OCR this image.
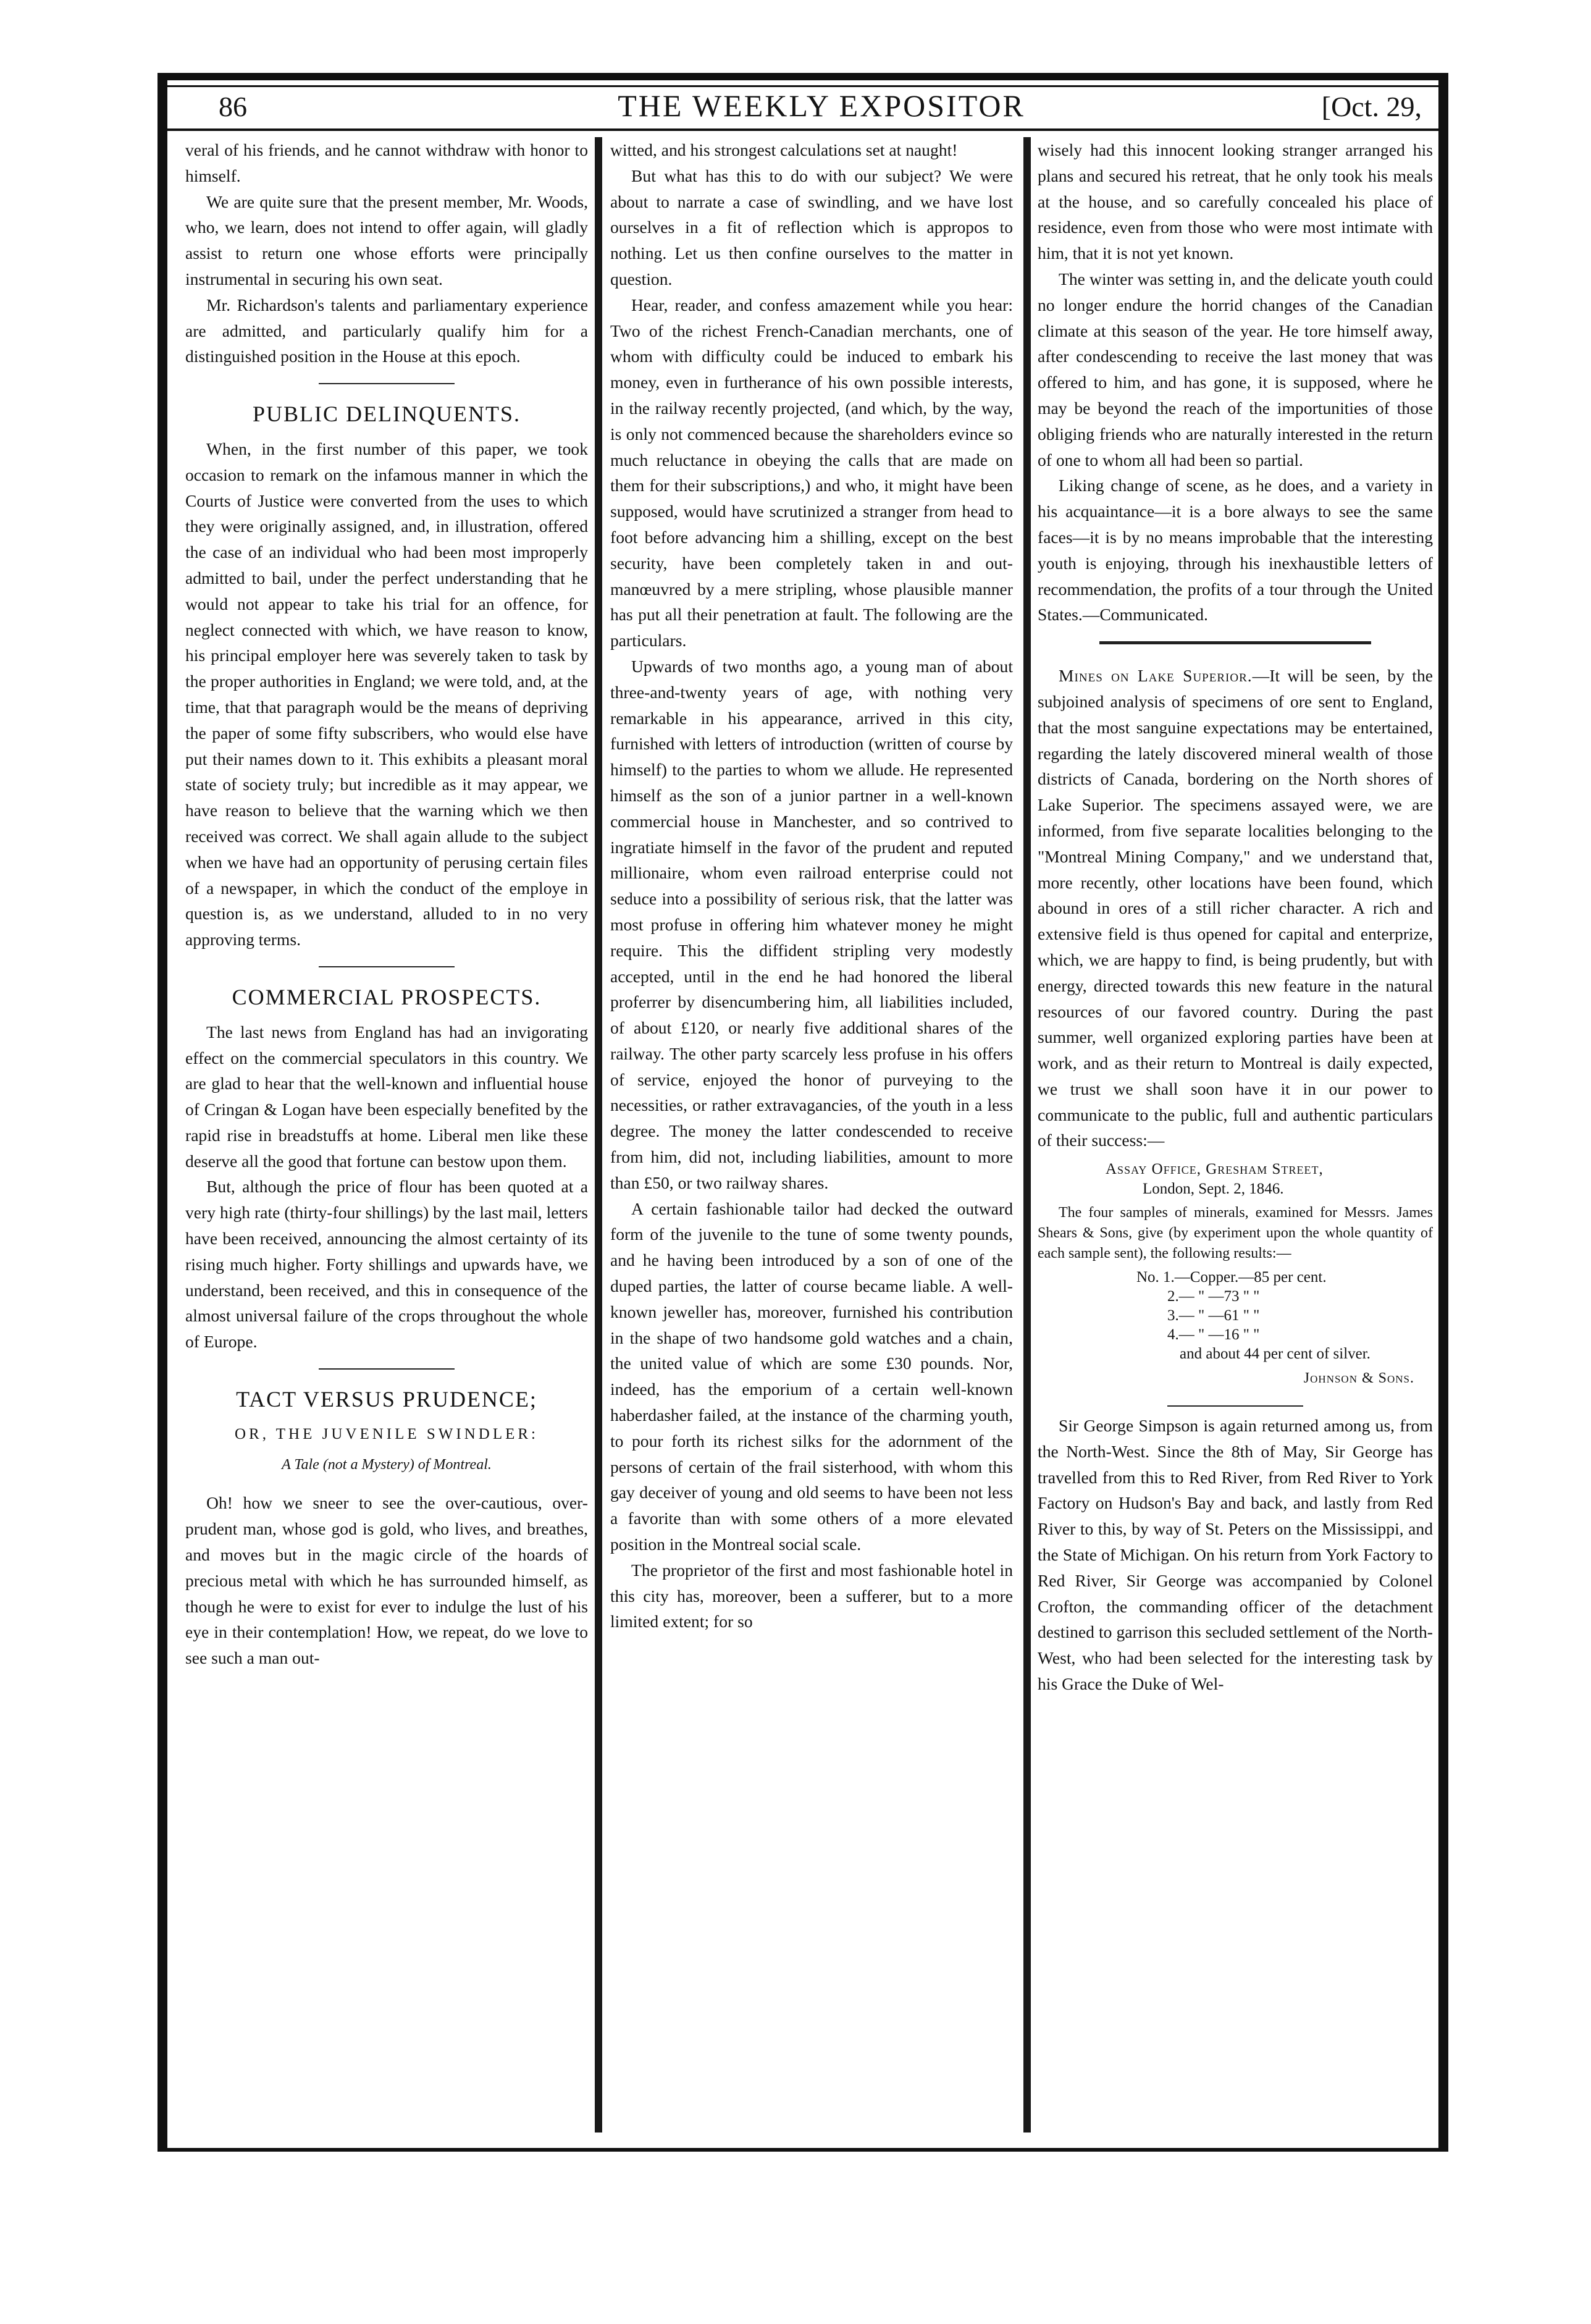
86	THE WEEKLY EXPOSITOR	[Oct. 29,

veral of his friends, and he cannot withdraw with honor to himself.

We are quite sure that the present member, Mr. Woods, who, we learn, does not intend to offer again, will gladly assist to return one whose efforts were principally instrumental in securing his own seat.

Mr. Richardson's talents and parliamentary experience are admitted, and particularly qualify him for a distinguished position in the House at this epoch.

PUBLIC DELINQUENTS.

When, in the first number of this paper, we took occasion to remark on the infamous manner in which the Courts of Justice were converted from the uses to which they were originally assigned, and, in illustration, offered the case of an individual who had been most improperly admitted to bail, under the perfect understanding that he would not appear to take his trial for an offence, for neglect connected with which, we have reason to know, his principal employer here was severely taken to task by the proper authorities in England; we were told, and, at the time, that that paragraph would be the means of depriving the paper of some fifty subscribers, who would else have put their names down to it. This exhibits a pleasant moral state of society truly; but incredible as it may appear, we have reason to believe that the warning which we then received was correct. We shall again allude to the subject when we have had an opportunity of perusing certain files of a newspaper, in which the conduct of the employe in question is, as we understand, alluded to in no very approving terms.

COMMERCIAL PROSPECTS.

The last news from England has had an invigorating effect on the commercial speculators in this country. We are glad to hear that the well-known and influential house of Cringan & Logan have been especially benefited by the rapid rise in breadstuffs at home. Liberal men like these deserve all the good that fortune can bestow upon them.

But, although the price of flour has been quoted at a very high rate (thirty-four shillings) by the last mail, letters have been received, announcing the almost certainty of its rising much higher. Forty shillings and upwards have, we understand, been received, and this in consequence of the almost universal failure of the crops throughout the whole of Europe.

TACT VERSUS PRUDENCE;
OR, THE JUVENILE SWINDLER:
A Tale (not a Mystery) of Montreal.

Oh! how we sneer to see the over-cautious, over-prudent man, whose god is gold, who lives, and breathes, and moves but in the magic circle of the hoards of precious metal with which he has surrounded himself, as though he were to exist for ever to indulge the lust of his eye in their contemplation! How, we repeat, do we love to see such a man out-

witted, and his strongest calculations set at naught!

But what has this to do with our subject? We were about to narrate a case of swindling, and we have lost ourselves in a fit of reflection which is appropos to nothing. Let us then confine ourselves to the matter in question.

Hear, reader, and confess amazement while you hear: Two of the richest French-Canadian merchants, one of whom with difficulty could be induced to embark his money, even in furtherance of his own possible interests, in the railway recently projected, (and which, by the way, is only not commenced because the shareholders evince so much reluctance in obeying the calls that are made on them for their subscriptions,) and who, it might have been supposed, would have scrutinized a stranger from head to foot before advancing him a shilling, except on the best security, have been completely taken in and out-manœuvred by a mere stripling, whose plausible manner has put all their penetration at fault. The following are the particulars.

Upwards of two months ago, a young man of about three-and-twenty years of age, with nothing very remarkable in his appearance, arrived in this city, furnished with letters of introduction (written of course by himself) to the parties to whom we allude. He represented himself as the son of a junior partner in a well-known commercial house in Manchester, and so contrived to ingratiate himself in the favor of the prudent and reputed millionaire, whom even railroad enterprise could not seduce into a possibility of serious risk, that the latter was most profuse in offering him whatever money he might require. This the diffident stripling very modestly accepted, until in the end he had honored the liberal proferrer by disencumbering him, all liabilities included, of about £120, or nearly five additional shares of the railway. The other party scarcely less profuse in his offers of service, enjoyed the honor of purveying to the necessities, or rather extravagancies, of the youth in a less degree. The money the latter condescended to receive from him, did not, including liabilities, amount to more than £50, or two railway shares.

A certain fashionable tailor had decked the outward form of the juvenile to the tune of some twenty pounds, and he having been introduced by a son of one of the duped parties, the latter of course became liable. A well-known jeweller has, moreover, furnished his contribution in the shape of two handsome gold watches and a chain, the united value of which are some £30 pounds. Nor, indeed, has the emporium of a certain well-known haberdasher failed, at the instance of the charming youth, to pour forth its richest silks for the adornment of the persons of certain of the frail sisterhood, with whom this gay deceiver of young and old seems to have been not less a favorite than with some others of a more elevated position in the Montreal social scale.

The proprietor of the first and most fashionable hotel in this city has, moreover, been a sufferer, but to a more limited extent; for so

wisely had this innocent looking stranger arranged his plans and secured his retreat, that he only took his meals at the house, and so carefully concealed his place of residence, even from those who were most intimate with him, that it is not yet known.

The winter was setting in, and the delicate youth could no longer endure the horrid changes of the Canadian climate at this season of the year. He tore himself away, after condescending to receive the last money that was offered to him, and has gone, it is supposed, where he may be beyond the reach of the importunities of those obliging friends who are naturally interested in the return of one to whom all had been so partial.

Liking change of scene, as he does, and a variety in his acquaintance—it is a bore always to see the same faces—it is by no means improbable that the interesting youth is enjoying, through his inexhaustible letters of recommendation, the profits of a tour through the United States.—Communicated.

Mines on Lake Superior.—It will be seen, by the subjoined analysis of specimens of ore sent to England, that the most sanguine expectations may be entertained, regarding the lately discovered mineral wealth of those districts of Canada, bordering on the North shores of Lake Superior. The specimens assayed were, we are informed, from five separate localities belonging to the "Montreal Mining Company," and we understand that, more recently, other locations have been found, which abound in ores of a still richer character. A rich and extensive field is thus opened for capital and enterprize, which, we are happy to find, is being prudently, but with energy, directed towards this new feature in the natural resources of our favored country. During the past summer, well organized exploring parties have been at work, and as their return to Montreal is daily expected, we trust we shall soon have it in our power to communicate to the public, full and authentic particulars of their success:—

Assay Office, Gresham Street,
London, Sept. 2, 1846.

The four samples of minerals, examined for Messrs. James Shears & Sons, give (by experiment upon the whole quantity of each sample sent), the following results:—

No. 1.—Copper.—85 per cent.
2.— " —73 " "
3.— " —61 " "
4.— " —16 " "
and about 44 per cent of silver.
Johnson & Sons.

Sir George Simpson is again returned among us, from the North-West. Since the 8th of May, Sir George has travelled from this to Red River, from Red River to York Factory on Hudson's Bay and back, and lastly from Red River to this, by way of St. Peters on the Mississippi, and the State of Michigan. On his return from York Factory to Red River, Sir George was accompanied by Colonel Crofton, the commanding officer of the detachment destined to garrison this secluded settlement of the North-West, who had been selected for the interesting task by his Grace the Duke of Wel-
